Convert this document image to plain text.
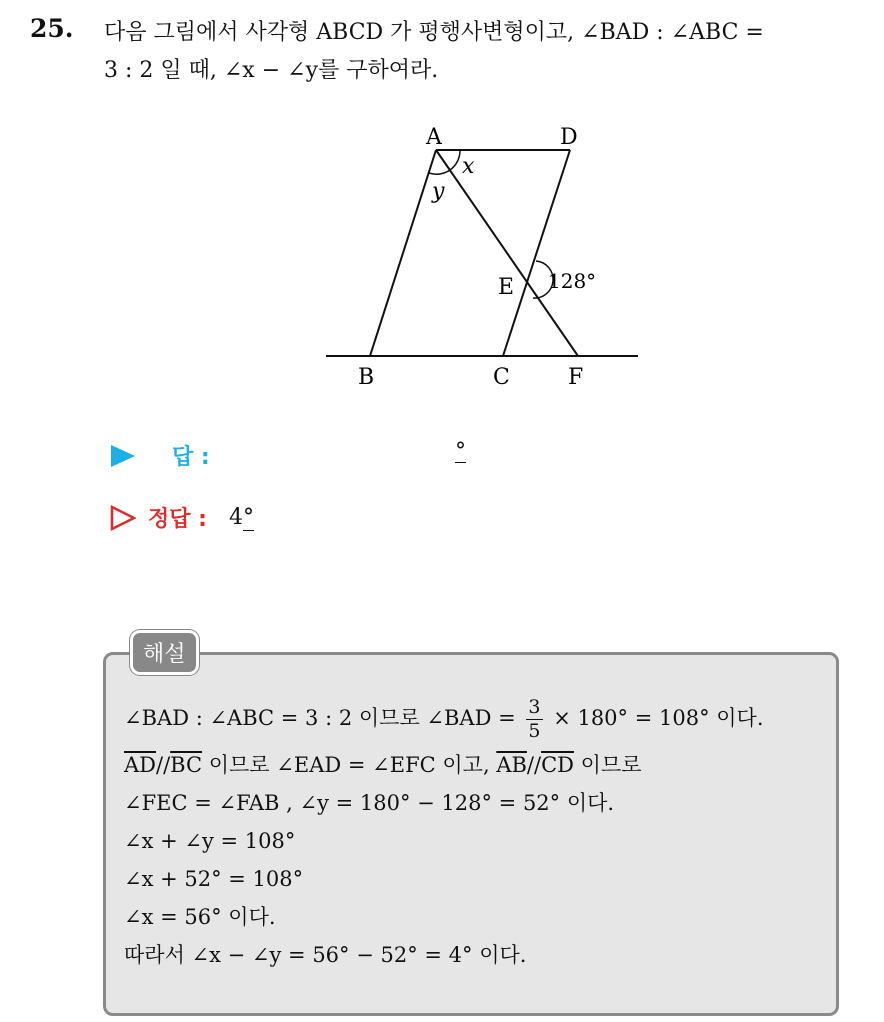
25. 다음 그림에서 사각형 ABCD 가 평행사변형이고, ∠BAD : ∠ABC =
3 : 2 일 때, ∠x − ∠y를 구하여라.
A	D
x
y
E 128°
B	C	F
답 :	°
정답 : 4°
해설
∠BAD : ∠ABC = 3 : 2 이므로 ∠BAD = $\frac{3}{5} \times 180^\circ = 108^\circ$ 이다.
$\overline{AD}//\overline{BC}$ 이므로 ∠EAD = ∠EFC 이고, $\overline{AB}//\overline{CD}$ 이므로
∠FEC = ∠FAB , ∠y = 180° − 128° = 52° 이다.
∠x + ∠y = 108°
∠x + 52° = 108°
∠x = 56° 이다.
따라서 ∠x − ∠y = 56° − 52° = 4° 이다.
